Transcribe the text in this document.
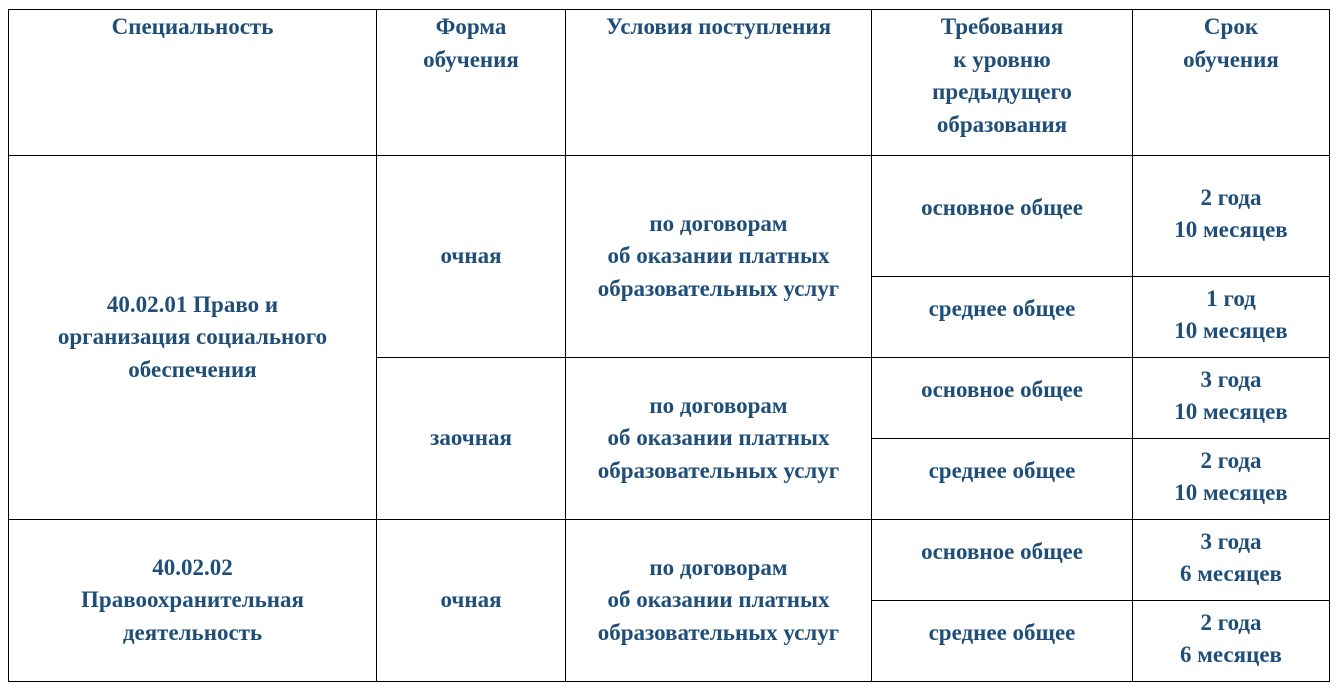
Специальность	Форма
обучения	Условия поступления	Требования
к уровню
предыдущего
образования	Срок
обучения

40.02.01 Право и
организация социального
обеспечения	очная	по договорам
об оказании платных
образовательных услуг	основное общее	2 года
10 месяцев

			среднее общее	1 год
10 месяцев

	заочная	по договорам
об оказании платных
образовательных услуг	основное общее	3 года
10 месяцев

			среднее общее	2 года
10 месяцев

40.02.02
Правоохранительная
деятельность	очная	по договорам
об оказании платных
образовательных услуг	основное общее	3 года
6 месяцев

			среднее общее	2 года
6 месяцев
